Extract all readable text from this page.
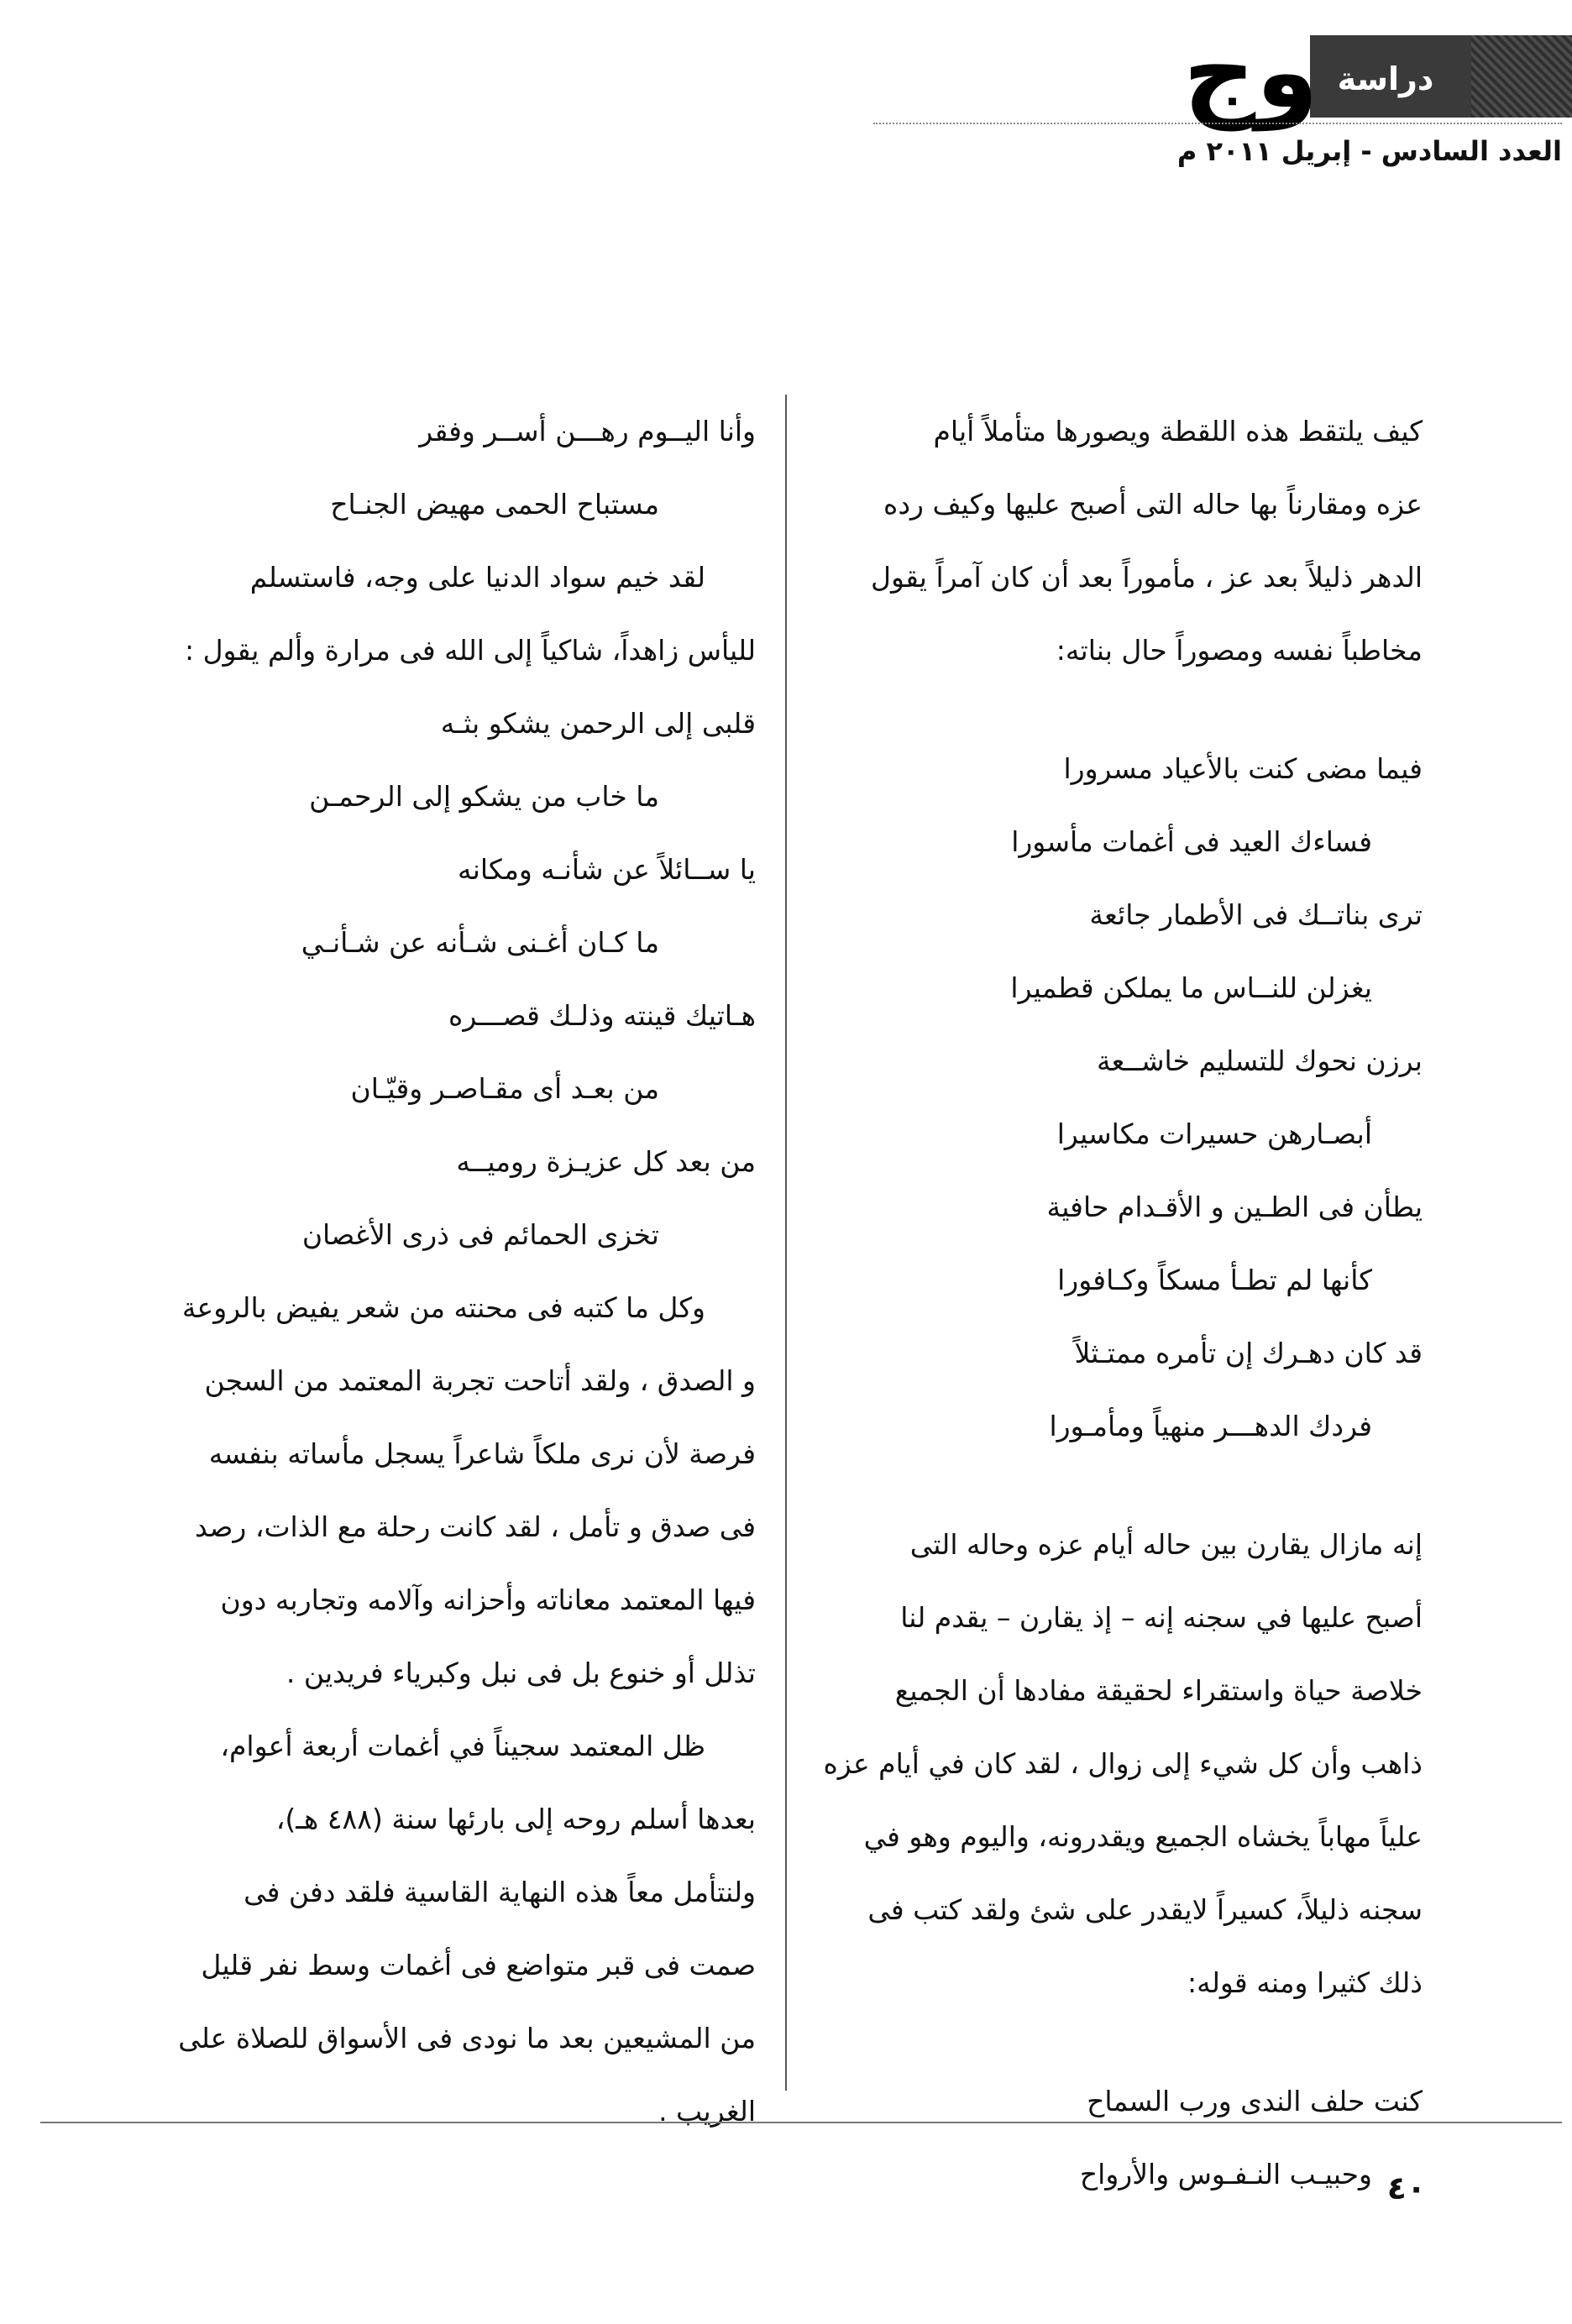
دراسة
وج
العدد السادس - إبريل ٢٠١١ م

كيف يلتقط هذه اللقطة ويصورها متأملاً أيام

عزه ومقارناً بها حاله التى أصبح عليها وكيف رده

الدهر ذليلاً بعد عز ، مأموراً بعد أن كان آمراً يقول

مخاطباً نفسه ومصوراً حال بناته:

فيما مضى كنت بالأعياد مسرورا

فساءك العيد فى أغمات مأسورا

ترى بناتــك فى الأطمار جائعة

يغزلن للنــاس ما يملكن قطميرا

برزن نحوك للتسليم خاشــعة

أبصـارهن حسيرات مكاسيرا

يطأن فى الطـين و الأقـدام حافية

كأنها لم تطـأ مسكاً وكـافورا

قد كان دهـرك إن تأمره ممتـثلاً

فردك الدهـــر منهياً ومأمـورا

إنه مازال يقارن بين حاله أيام عزه وحاله التى

أصبح عليها في سجنه إنه – إذ يقارن – يقدم لنا

خلاصة حياة واستقراء لحقيقة مفادها أن الجميع

ذاهب وأن كل شيء إلى زوال ، لقد كان في أيام عزه

علياً مهاباً يخشاه الجميع ويقدرونه، واليوم وهو في

سجنه ذليلاً، كسيراً لايقدر على شئ ولقد كتب فى

ذلك كثيرا ومنه قوله:

كنت حلف الندى ورب السماح

وحبيـب النـفـوس والأرواح

وأنا اليــوم رهـــن أســر وفقر

مستباح الحمى مهيض الجنـاح

لقد خيم سواد الدنيا على وجه، فاستسلم

لليأس زاهداً، شاكياً إلى الله فى مرارة وألم يقول :

قلبى إلى الرحمن يشكو بثـه

ما خاب من يشكو إلى الرحمـن

يا ســائلاً عن شأنـه ومكانه

ما كـان أغـنى شـأنه عن شـأنـي

هـاتيك قينته وذلـك قصـــره

من بعـد أى مقـاصـر وقيّـان

من بعد كل عزيـزة روميــه

تخزى الحمائم فى ذرى الأغصان

وكل ما كتبه فى محنته من شعر يفيض بالروعة

و الصدق ، ولقد أتاحت تجربة المعتمد من السجن

فرصة لأن نرى ملكاً شاعراً يسجل مأساته بنفسه

فى صدق و تأمل ، لقد كانت رحلة مع الذات، رصد

فيها المعتمد معاناته وأحزانه وآلامه وتجاربه دون

تذلل أو خنوع بل فى نبل وكبرياء فريدين .

ظل المعتمد سجيناً في أغمات أربعة أعوام،

بعدها أسلم روحه إلى بارئها سنة (٤٨٨ هـ)،

ولنتأمل معاً هذه النهاية القاسية فلقد دفن فى

صمت فى قبر متواضع فى أغمات وسط نفر قليل

من المشيعين بعد ما نودى فى الأسواق للصلاة على

الغريب .

٤٠
